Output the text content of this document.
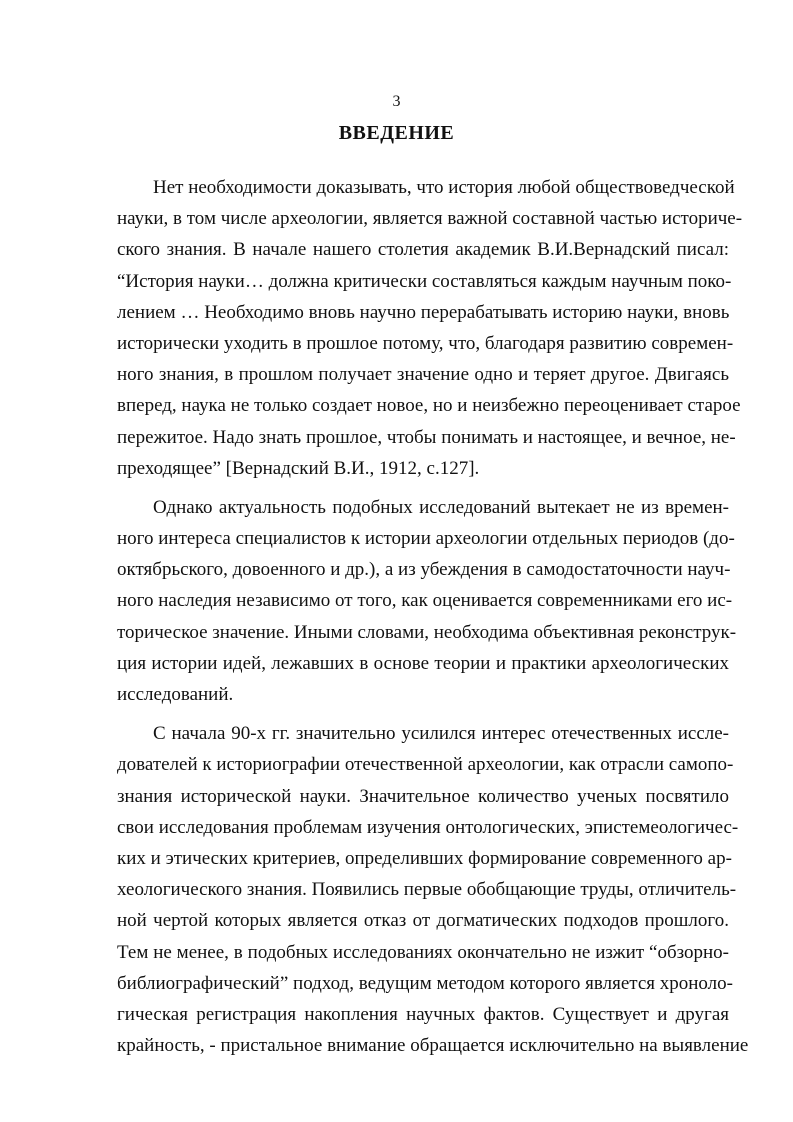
3
ВВЕДЕНИЕ
Нет необходимости доказывать, что история любой обществоведческой
науки, в том числе археологии, является важной составной частью историче-
ского знания. В начале нашего столетия академик В.И.Вернадский писал:
“История науки… должна критически составляться каждым научным поко-
лением … Необходимо вновь научно перерабатывать историю науки, вновь
исторически уходить в прошлое потому, что, благодаря развитию современ-
ного знания, в прошлом получает значение одно и теряет другое. Двигаясь
вперед, наука не только создает новое, но и неизбежно переоценивает старое
пережитое. Надо знать прошлое, чтобы понимать и настоящее, и вечное, не-
преходящее” [Вернадский В.И., 1912, с.127].
Однако актуальность подобных исследований вытекает не из времен-
ного интереса специалистов к истории археологии отдельных периодов (до-
октябрьского, довоенного и др.), а из убеждения в самодостаточности науч-
ного наследия независимо от того, как оценивается современниками его ис-
торическое значение. Иными словами, необходима объективная реконструк-
ция истории идей, лежавших в основе теории и практики археологических
исследований.
С начала 90-х гг. значительно усилился интерес отечественных иссле-
дователей к историографии отечественной археологии, как отрасли самопо-
знания исторической науки. Значительное количество ученых посвятило
свои исследования проблемам изучения онтологических, эпистемеологичес-
ких и этических критериев, определивших формирование современного ар-
хеологического знания. Появились первые обобщающие труды, отличитель-
ной чертой которых является отказ от догматических подходов прошлого.
Тем не менее, в подобных исследованиях окончательно не изжит “обзорно-
библиографический” подход, ведущим методом которого является хроноло-
гическая регистрация накопления научных фактов. Существует и другая
крайность, - пристальное внимание обращается исключительно на выявление
